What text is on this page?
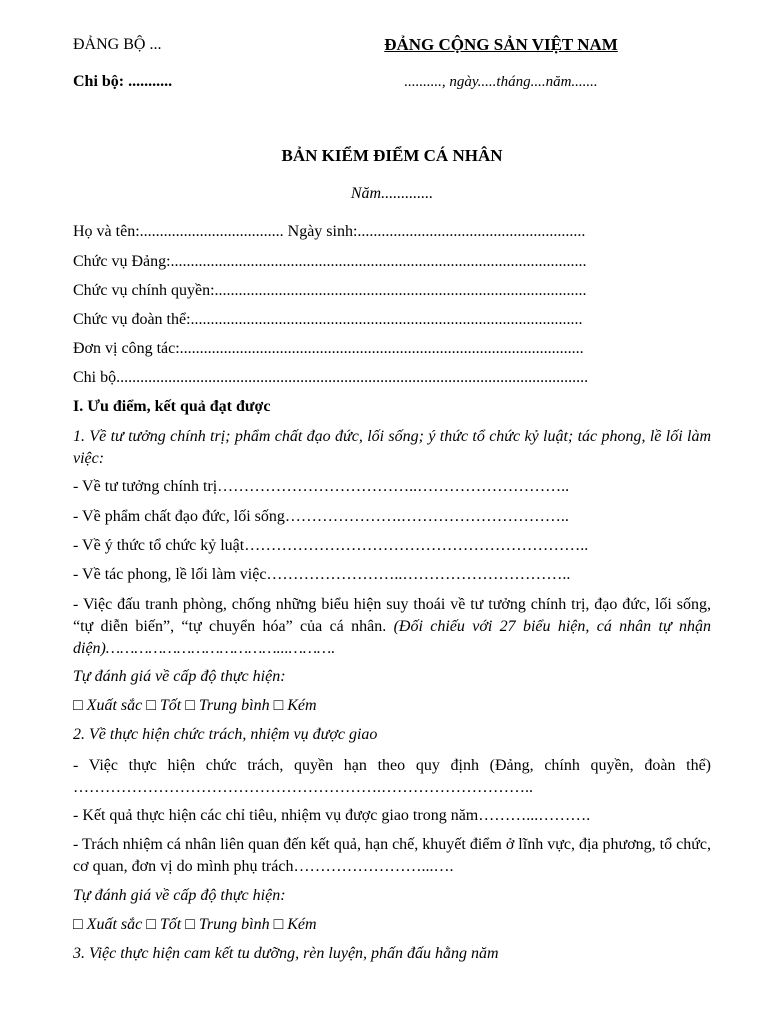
ĐẢNG BỘ ...	ĐẢNG CỘNG SẢN VIỆT NAM
Chi bộ: ...........	.........., ngày.....tháng....năm.......
BẢN KIỂM ĐIỂM CÁ NHÂN
Năm.............
Họ và tên:.................................... Ngày sinh:.........................................................
Chức vụ Đảng:........................................................................................................
Chức vụ chính quyền:.............................................................................................
Chức vụ đoàn thể:..................................................................................................
Đơn vị công tác:.....................................................................................................
Chi bộ......................................................................................................................
I. Ưu điểm, kết quả đạt được
1. Về tư tưởng chính trị; phẩm chất đạo đức, lối sống; ý thức tổ chức kỷ luật; tác phong, lề lối làm việc:
- Về tư tưởng chính trị………………………………..………………………..
- Về phẩm chất đạo đức, lối sống………………….…………………………..
- Về ý thức tổ chức kỷ luật………………………………………………………..
- Về tác phong, lề lối làm việc……………………..…………………………..
- Việc đấu tranh phòng, chống những biểu hiện suy thoái về tư tưởng chính trị, đạo đức, lối sống, “tự diễn biến”, “tự chuyển hóa” của cá nhân. (Đối chiếu với 27 biểu hiện, cá nhân tự nhận diện)………………………………...……….
Tự đánh giá về cấp độ thực hiện:
□ Xuất sắc □ Tốt □ Trung bình □ Kém
2. Về thực hiện chức trách, nhiệm vụ được giao
- Việc thực hiện chức trách, quyền hạn theo quy định (Đảng, chính quyền, đoàn thể) ………………………………………………….………………………..
- Kết quả thực hiện các chỉ tiêu, nhiệm vụ được giao trong năm………...……….
- Trách nhiệm cá nhân liên quan đến kết quả, hạn chế, khuyết điểm ở lĩnh vực, địa phương, tổ chức, cơ quan, đơn vị do mình phụ trách……………………...….
Tự đánh giá về cấp độ thực hiện:
□ Xuất sắc □ Tốt □ Trung bình □ Kém
3. Việc thực hiện cam kết tu dưỡng, rèn luyện, phấn đấu hằng năm
